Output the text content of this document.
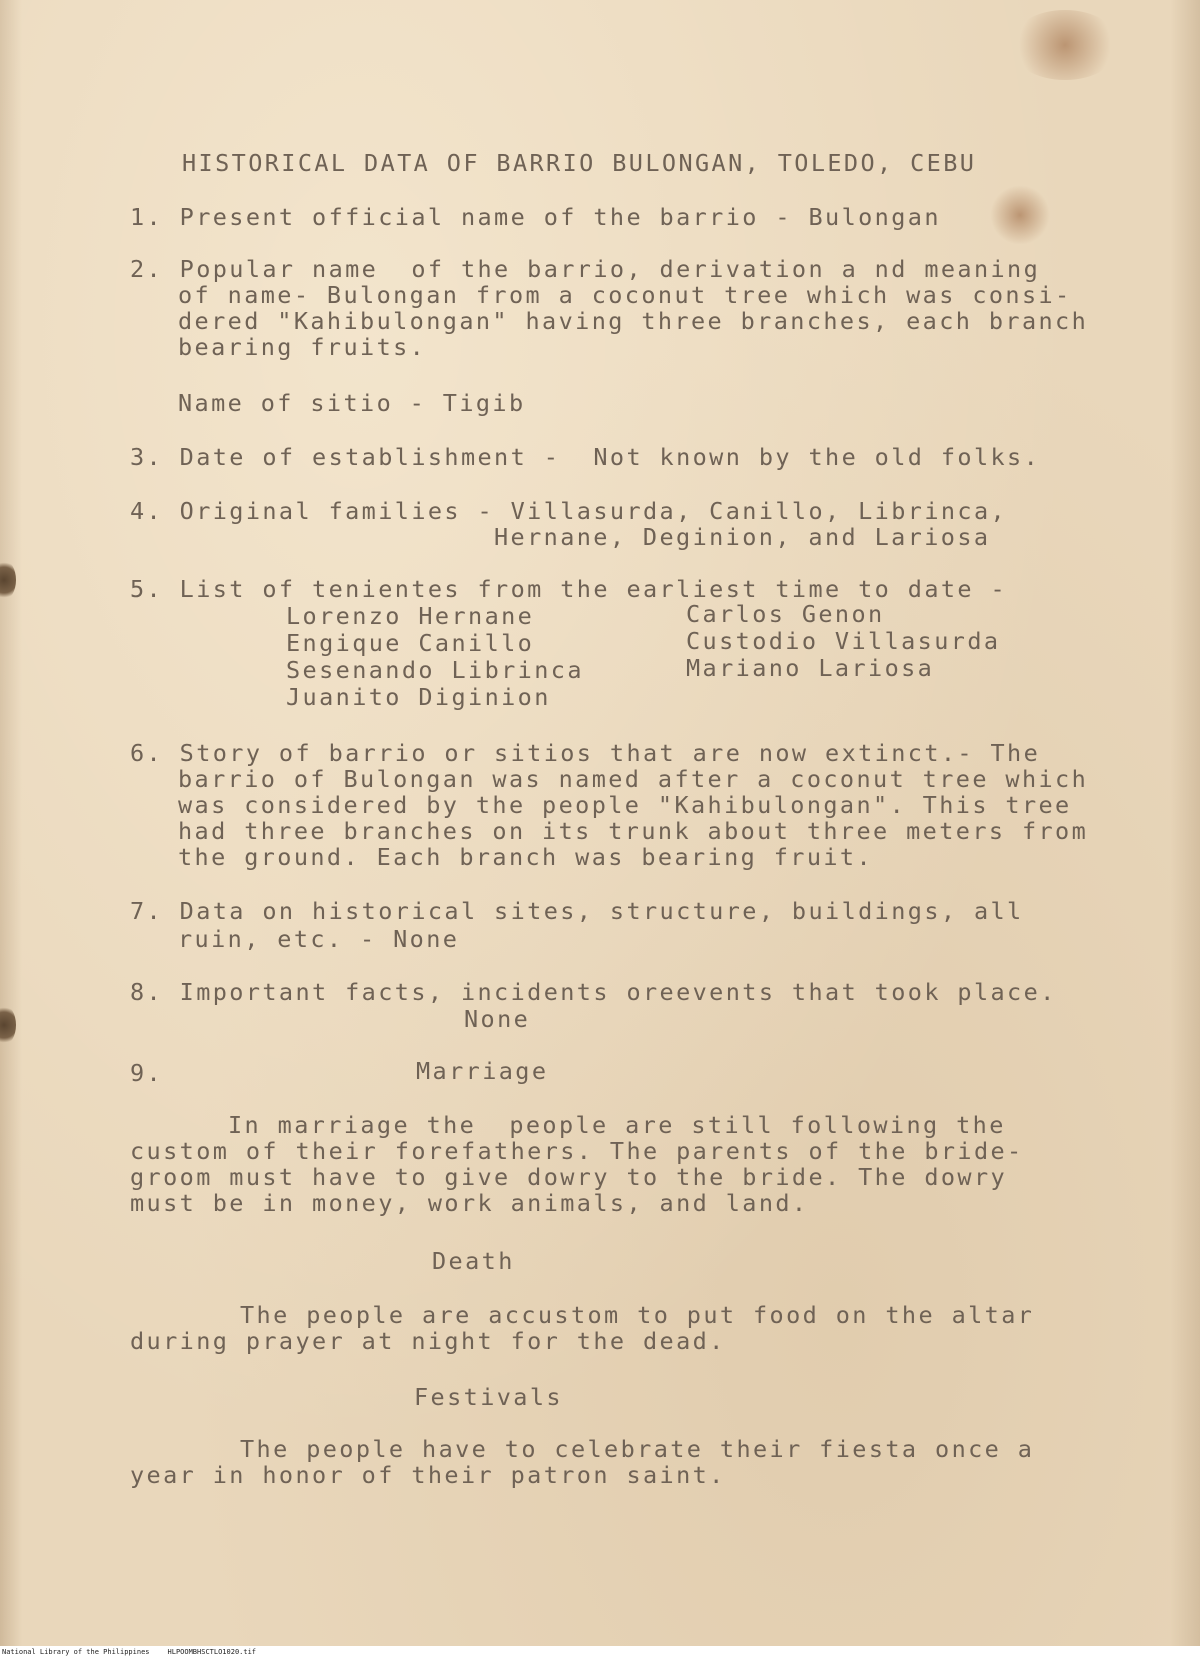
HISTORICAL DATA OF BARRIO BULONGAN, TOLEDO, CEBU
1. Present official name of the barrio - Bulongan
2. Popular name  of the barrio, derivation a nd meaning
of name- Bulongan from a coconut tree which was consi-
dered "Kahibulongan" having three branches, each branch
bearing fruits.
Name of sitio - Tigib
3. Date of establishment -  Not known by the old folks.
4. Original families - Villasurda, Canillo, Librinca,
Hernane, Deginion, and Lariosa
5. List of tenientes from the earliest time to date -
Lorenzo Hernane
Engique Canillo
Sesenando Librinca
Juanito Diginion
Carlos Genon
Custodio Villasurda
Mariano Lariosa
6. Story of barrio or sitios that are now extinct.- The
barrio of Bulongan was named after a coconut tree which
was considered by the people "Kahibulongan". This tree
had three branches on its trunk about three meters from
the ground. Each branch was bearing fruit.
7. Data on historical sites, structure, buildings, all
ruin, etc. - None
8. Important facts, incidents oreevents that took place.
None
9.	Marriage
In marriage the  people are still following the
custom of their forefathers. The parents of the bride-
groom must have to give dowry to the bride. The dowry
must be in money, work animals, and land.
Death
The people are accustom to put food on the altar
during prayer at night for the dead.
Festivals
The people have to celebrate their fiesta once a
year in honor of their patron saint.
National Library of the Philippines	HLPOOMBHSCTLO1020.tif
